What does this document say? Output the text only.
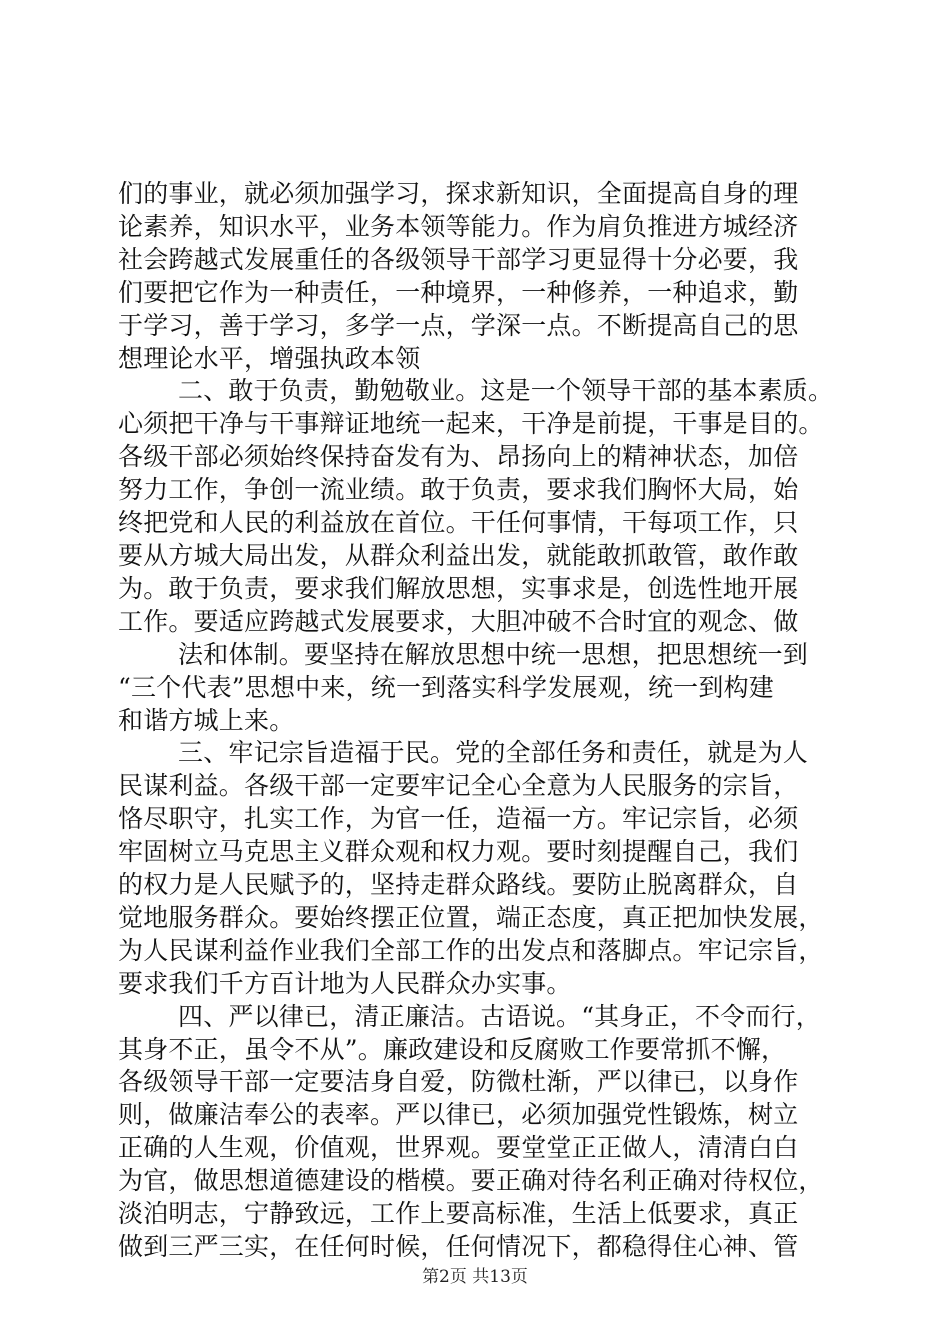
们的事业，就必须加强学习，探求新知识，全面提高自身的理
论素养，知识水平，业务本领等能力。作为肩负推进方城经济
社会跨越式发展重任的各级领导干部学习更显得十分必要，我
们要把它作为一种责任，一种境界，一种修养，一种追求，勤
于学习，善于学习，多学一点，学深一点。不断提高自己的思
想理论水平，增强执政本领
二、敢于负责，勤勉敬业。这是一个领导干部的基本素质。
心须把干净与干事辩证地统一起来，干净是前提，干事是目的。
各级干部必须始终保持奋发有为、昂扬向上的精神状态，加倍
努力工作，争创一流业绩。敢于负责，要求我们胸怀大局，始
终把党和人民的利益放在首位。干任何事情，干每项工作，只
要从方城大局出发，从群众利益出发，就能敢抓敢管，敢作敢
为。敢于负责，要求我们解放思想，实事求是，创选性地开展
工作。要适应跨越式发展要求，大胆冲破不合时宜的观念、做
法和体制。要坚持在解放思想中统一思想，把思想统一到
“三个代表”思想中来，统一到落实科学发展观，统一到构建
和谐方城上来。
三、牢记宗旨造福于民。党的全部任务和责任，就是为人
民谋利益。各级干部一定要牢记全心全意为人民服务的宗旨，
恪尽职守，扎实工作，为官一任，造福一方。牢记宗旨，必须
牢固树立马克思主义群众观和权力观。要时刻提醒自己，我们
的权力是人民赋予的，坚持走群众路线。要防止脱离群众，自
觉地服务群众。要始终摆正位置，端正态度，真正把加快发展，
为人民谋利益作业我们全部工作的出发点和落脚点。牢记宗旨，
要求我们千方百计地为人民群众办实事。
四、严以律已，清正廉洁。古语说。“其身正，不令而行，
其身不正，虽令不从”。廉政建设和反腐败工作要常抓不懈，
各级领导干部一定要洁身自爱，防微杜渐，严以律已，以身作
则，做廉洁奉公的表率。严以律已，必须加强党性锻炼，树立
正确的人生观，价值观，世界观。要堂堂正正做人，清清白白
为官，做思想道德建设的楷模。要正确对待名利正确对待权位，
淡泊明志，宁静致远，工作上要高标准，生活上低要求，真正
做到三严三实，在任何时候，任何情况下，都稳得住心神、管
第2页 共13页
